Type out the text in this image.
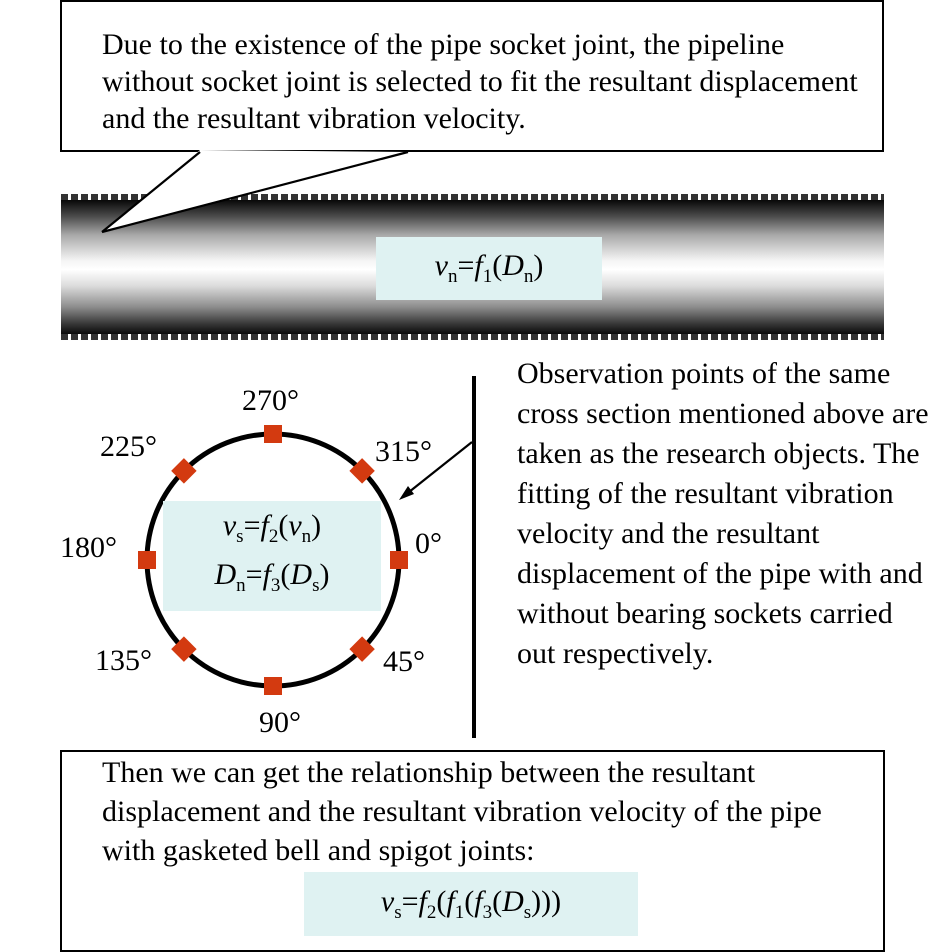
Due to the existence of the pipe socket joint, the pipeline without socket joint is selected to fit the resultant displacement and the resultant vibration velocity.
$v_n=f_1(D_n)$
$v_s=f_2(v_n)$
$D_n=f_3(D_s)$
270°
225°	315°
180°	0°
135°	45°
90°
Observation points of the same cross section mentioned above are taken as the research objects. The fitting of the resultant vibration velocity and the resultant displacement of the pipe with and without bearing sockets carried out respectively.
Then we can get the relationship between the resultant displacement and the resultant vibration velocity of the pipe with gasketed bell and spigot joints:
$v_s=f_2(f_1(f_3(D_s)))$
